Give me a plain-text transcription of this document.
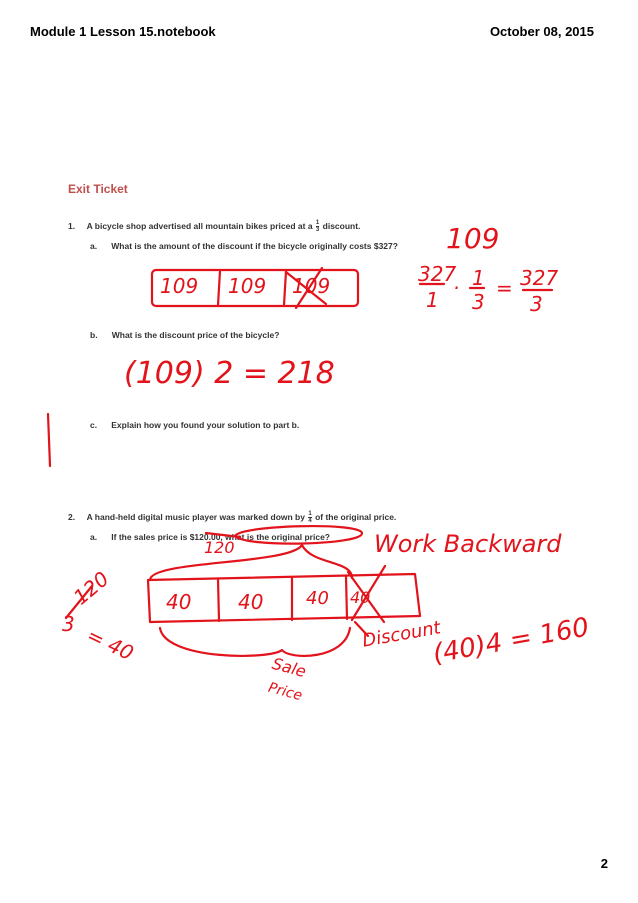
Module 1 Lesson 15.notebook	October 08, 2015
Exit Ticket
1. A bicycle shop advertised all mountain bikes priced at a $\frac{1}{3}$ discount.
a. What is the amount of the discount if the bicycle originally costs $327?
b. What is the discount price of the bicycle?
c. Explain how you found your solution to part b.
2. A hand-held digital music player was marked down by $\frac{1}{4}$ of the original price.
a. If the sales price is $120.00, what is the original price?
109
109 109 109	327
1 · 1
3
= 327
3
(109) 2 = 218
120	Work Backward
40 40 40 40
120
3 = 40	Discount
Sale
Price
(40)4 = 160
2
